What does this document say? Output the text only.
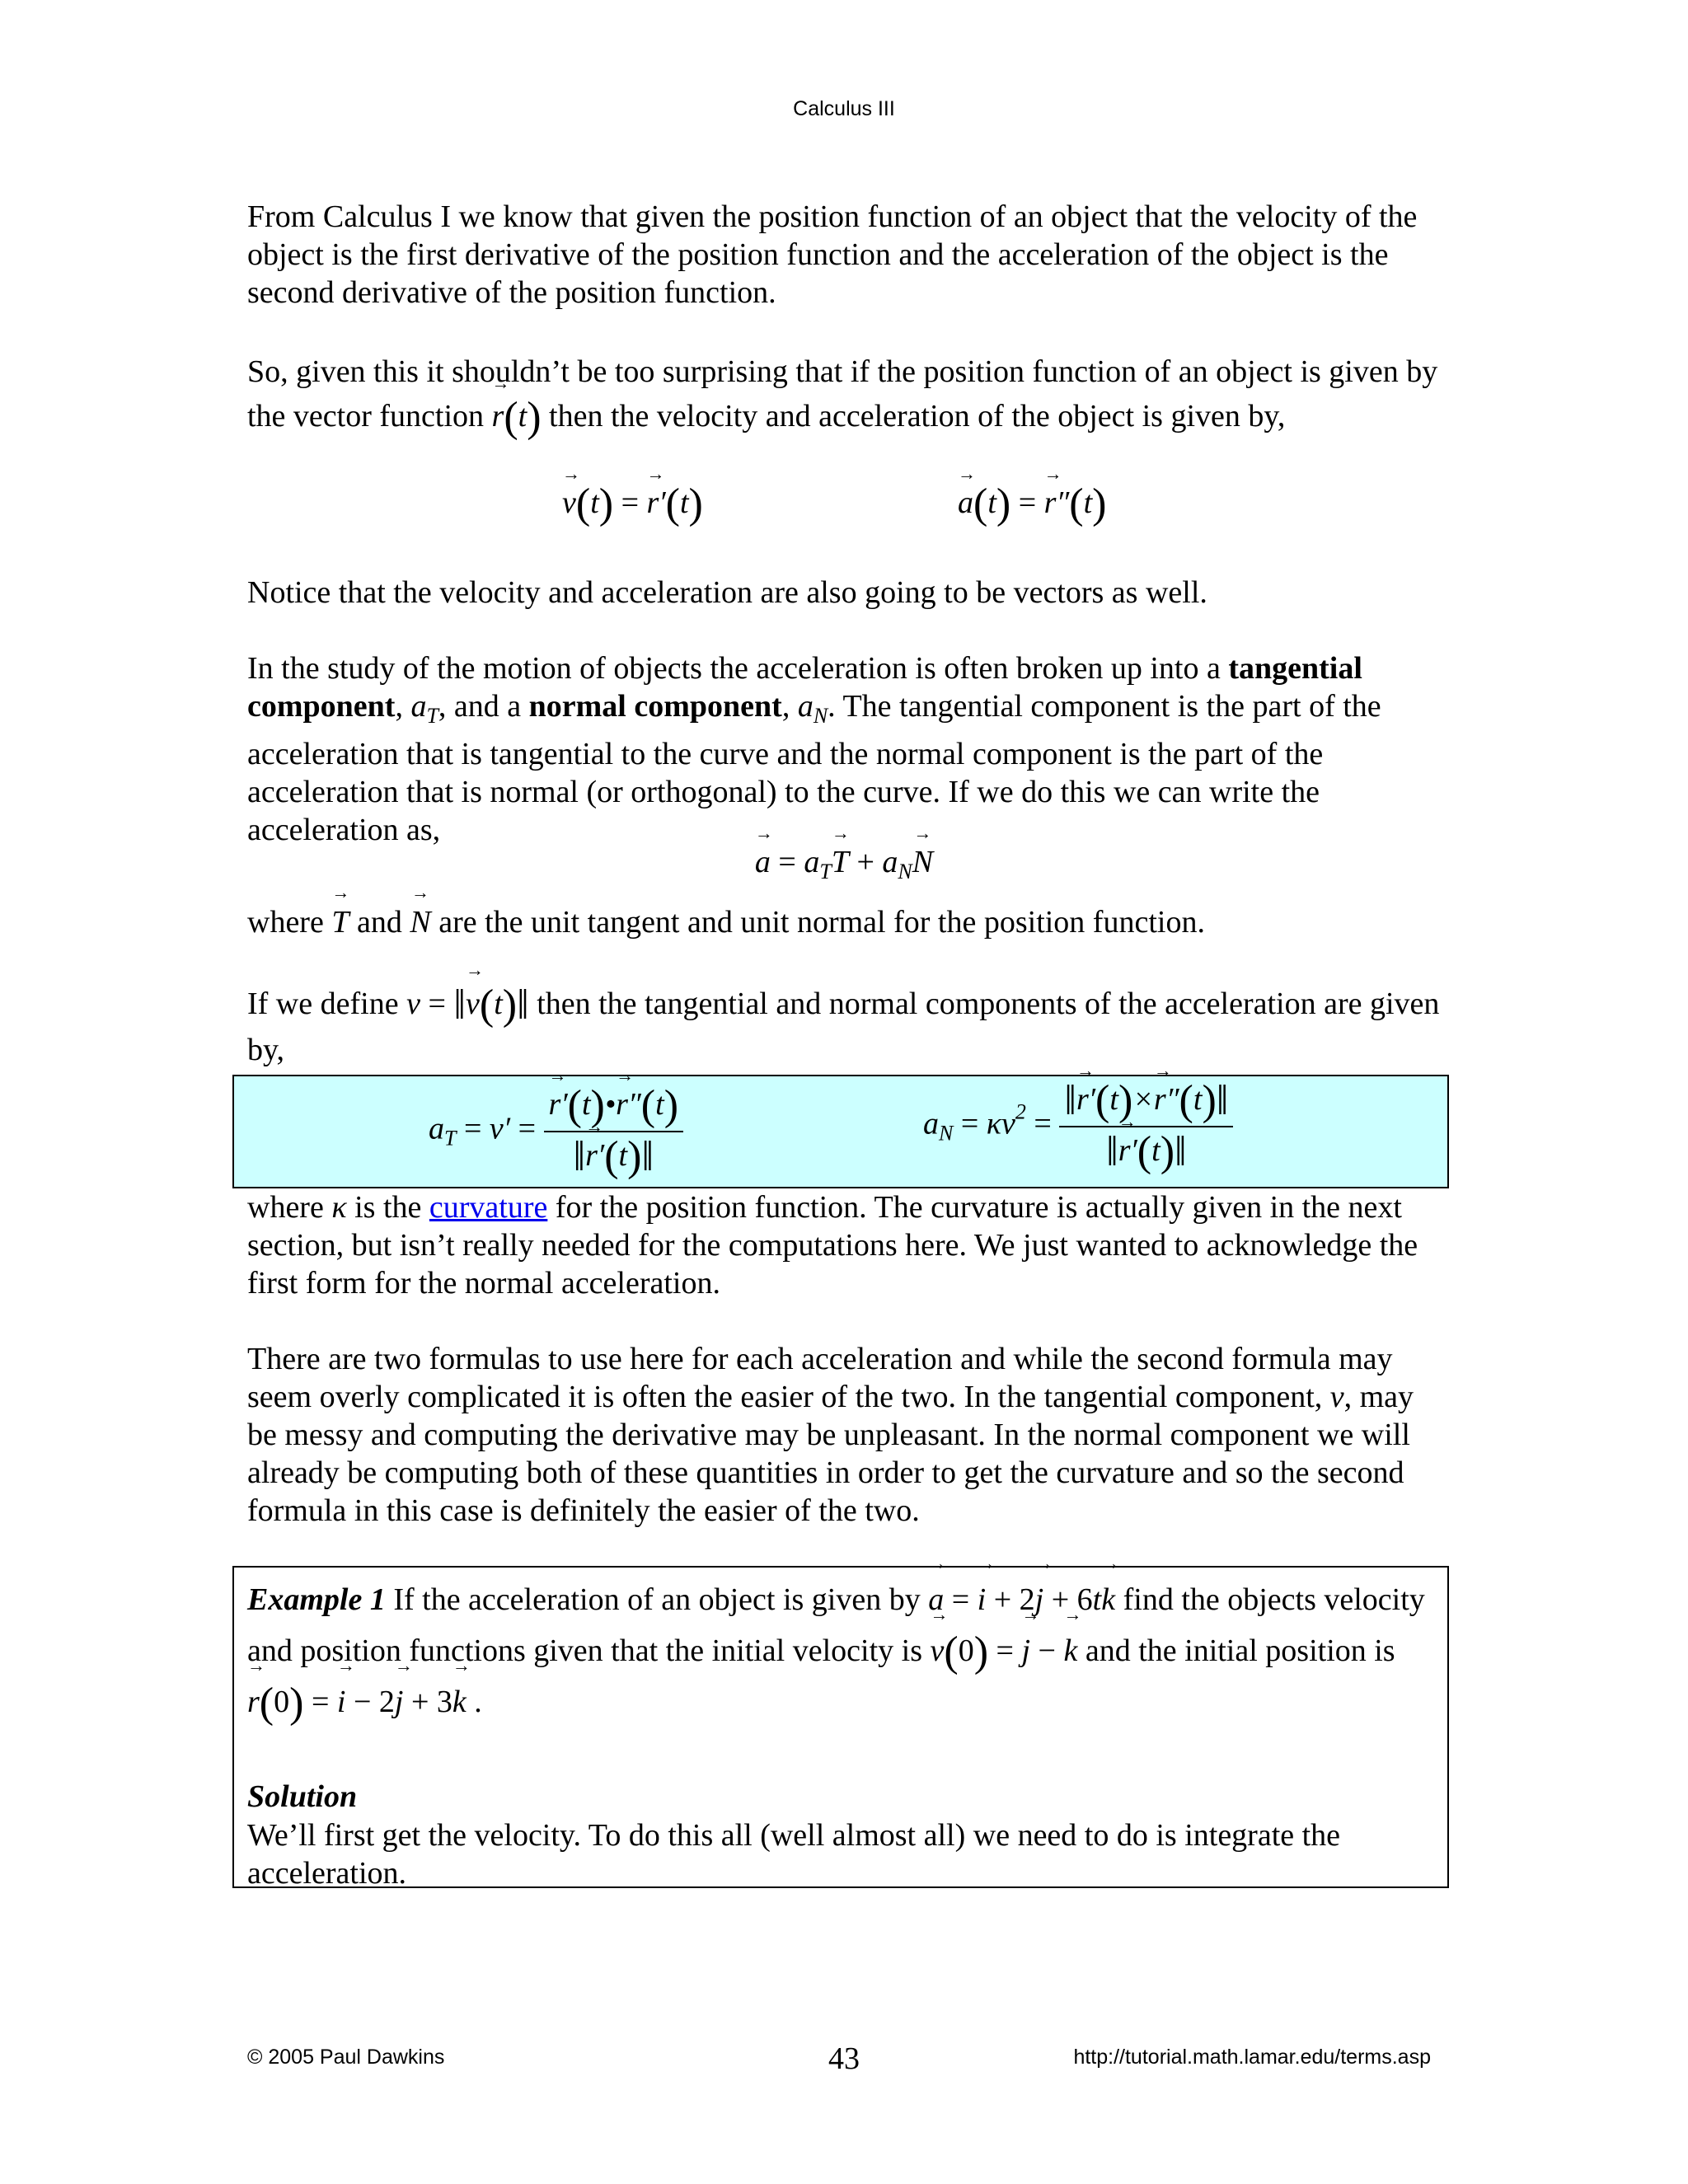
Calculus III
From Calculus I we know that given the position function of an object that the velocity of the object is the first derivative of the position function and the acceleration of the object is the second derivative of the position function.
So, given this it shouldn’t be too surprising that if the position function of an object is given by the vector function → r(t) then the velocity and acceleration of the object is given by,
→ v(t) = → r′(t)	→ a(t) = → r″(t)
Notice that the velocity and acceleration are also going to be vectors as well.
In the study of the motion of objects the acceleration is often broken up into a tangential component, $a_T$, and a normal component, $a_N$. The tangential component is the part of the acceleration that is tangential to the curve and the normal component is the part of the acceleration that is normal (or orthogonal) to the curve. If we do this we can write the acceleration as,
→ $a = a_T\to T + a_N\to N$
where → T and → N are the unit tangent and unit normal for the position function.
If we define v = ‖→ v(t)‖ then the tangential and normal components of the acceleration are given by,
$a_T = v'$ = → $\frac{r'(t)•\to r''(t)}{‖\to r'(t)‖}$	$a_N = \kappa v^2 = \frac{‖\to r'(t)\times\to r''(t)‖}{‖\to r'(t)‖}$
where κ is the curvature for the position function. The curvature is actually given in the next section, but isn’t really needed for the computations here. We just wanted to acknowledge the first form for the normal acceleration.
There are two formulas to use here for each acceleration and while the second formula may seem overly complicated it is often the easier of the two. In the tangential component, v, may be messy and computing the derivative may be unpleasant. In the normal component we will already be computing both of these quantities in order to get the curvature and so the second formula in this case is definitely the easier of the two.
Example 1 If the acceleration of an object is given by → a = → i + 2→ j + 6t→ k find the objects velocity and position functions given that the initial velocity is → v(0) = → j − → k and the initial position is → r(0) = → i − 2→ j + 3→ k .
Solution
We’ll first get the velocity. To do this all (well almost all) we need to do is integrate the acceleration.
© 2005 Paul Dawkins	43	http://tutorial.math.lamar.edu/terms.asp
